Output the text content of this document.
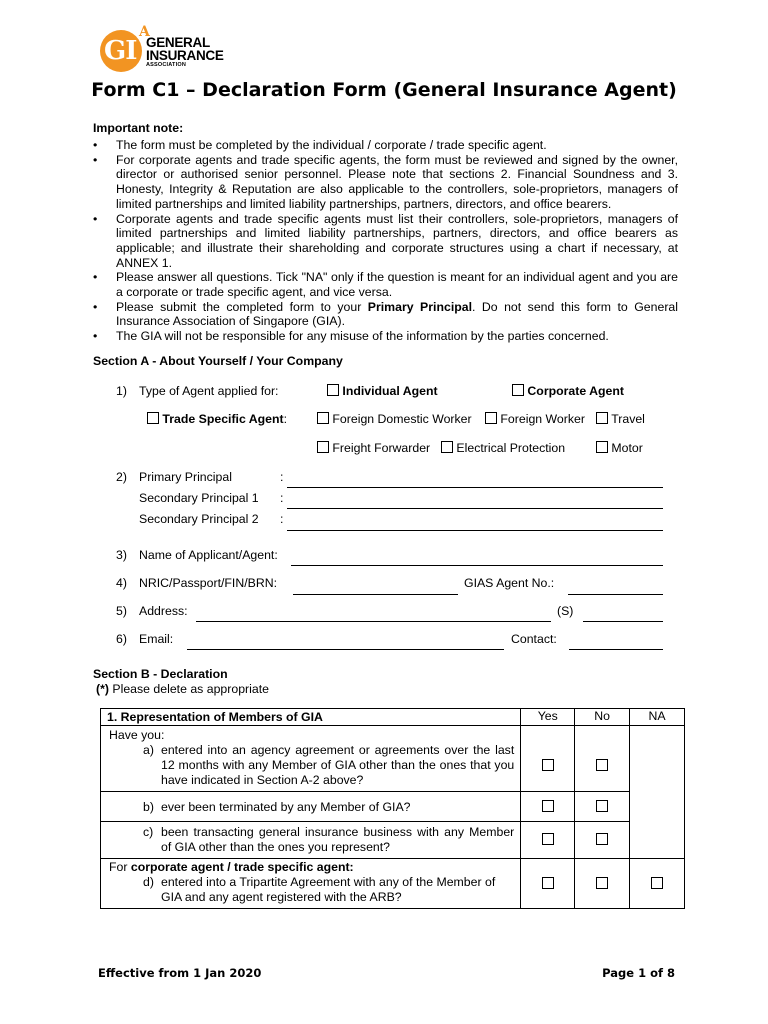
GI
A
GENERAL
INSURANCE
ASSOCIATION
Form C1 – Declaration Form (General Insurance Agent)
Important note:
• The form must be completed by the individual / corporate / trade specific agent.
• For corporate agents and trade specific agents, the form must be reviewed and signed by the owner, director or authorised senior personnel. Please note that sections 2. Financial Soundness and 3. Honesty, Integrity & Reputation are also applicable to the controllers, sole-proprietors, managers of limited partnerships and limited liability partnerships, partners, directors, and office bearers.
• Corporate agents and trade specific agents must list their controllers, sole-proprietors, managers of limited partnerships and limited liability partnerships, partners, directors, and office bearers as applicable; and illustrate their shareholding and corporate structures using a chart if necessary, at ANNEX 1.
• Please answer all questions. Tick "NA" only if the question is meant for an individual agent and you are a corporate or trade specific agent, and vice versa.
• Please submit the completed form to your Primary Principal. Do not send this form to General Insurance Association of Singapore (GIA).
• The GIA will not be responsible for any misuse of the information by the parties concerned.
Section A - About Yourself / Your Company
1) Type of Agent applied for:	Individual Agent	Corporate Agent
Trade Specific Agent:	Foreign Domestic Worker	Foreign Worker	Travel
Freight Forwarder	Electrical Protection	Motor
2) Primary Principal	:
Secondary Principal 1 :
Secondary Principal 2 :
3) Name of Applicant/Agent:
4) NRIC/Passport/FIN/BRN:	GIAS Agent No.:
5) Address:	(S)
6) Email:	Contact:
Section B - Declaration
(*) Please delete as appropriate
1. Representation of Members of GIA	Yes	No	NA

Have you:
a) entered into an agency agreement or agreements over the last 12 months with any Member of GIA other than the ones that you have indicated in Section A-2 above?			

b) ever been terminated by any Member of GIA?			

c) been transacting general insurance business with any Member of GIA other than the ones you represent?			

For corporate agent / trade specific agent:
d) entered into a Tripartite Agreement with any of the Member of GIA and any agent registered with the ARB?			

Effective from 1 Jan 2020	Page 1 of 8
